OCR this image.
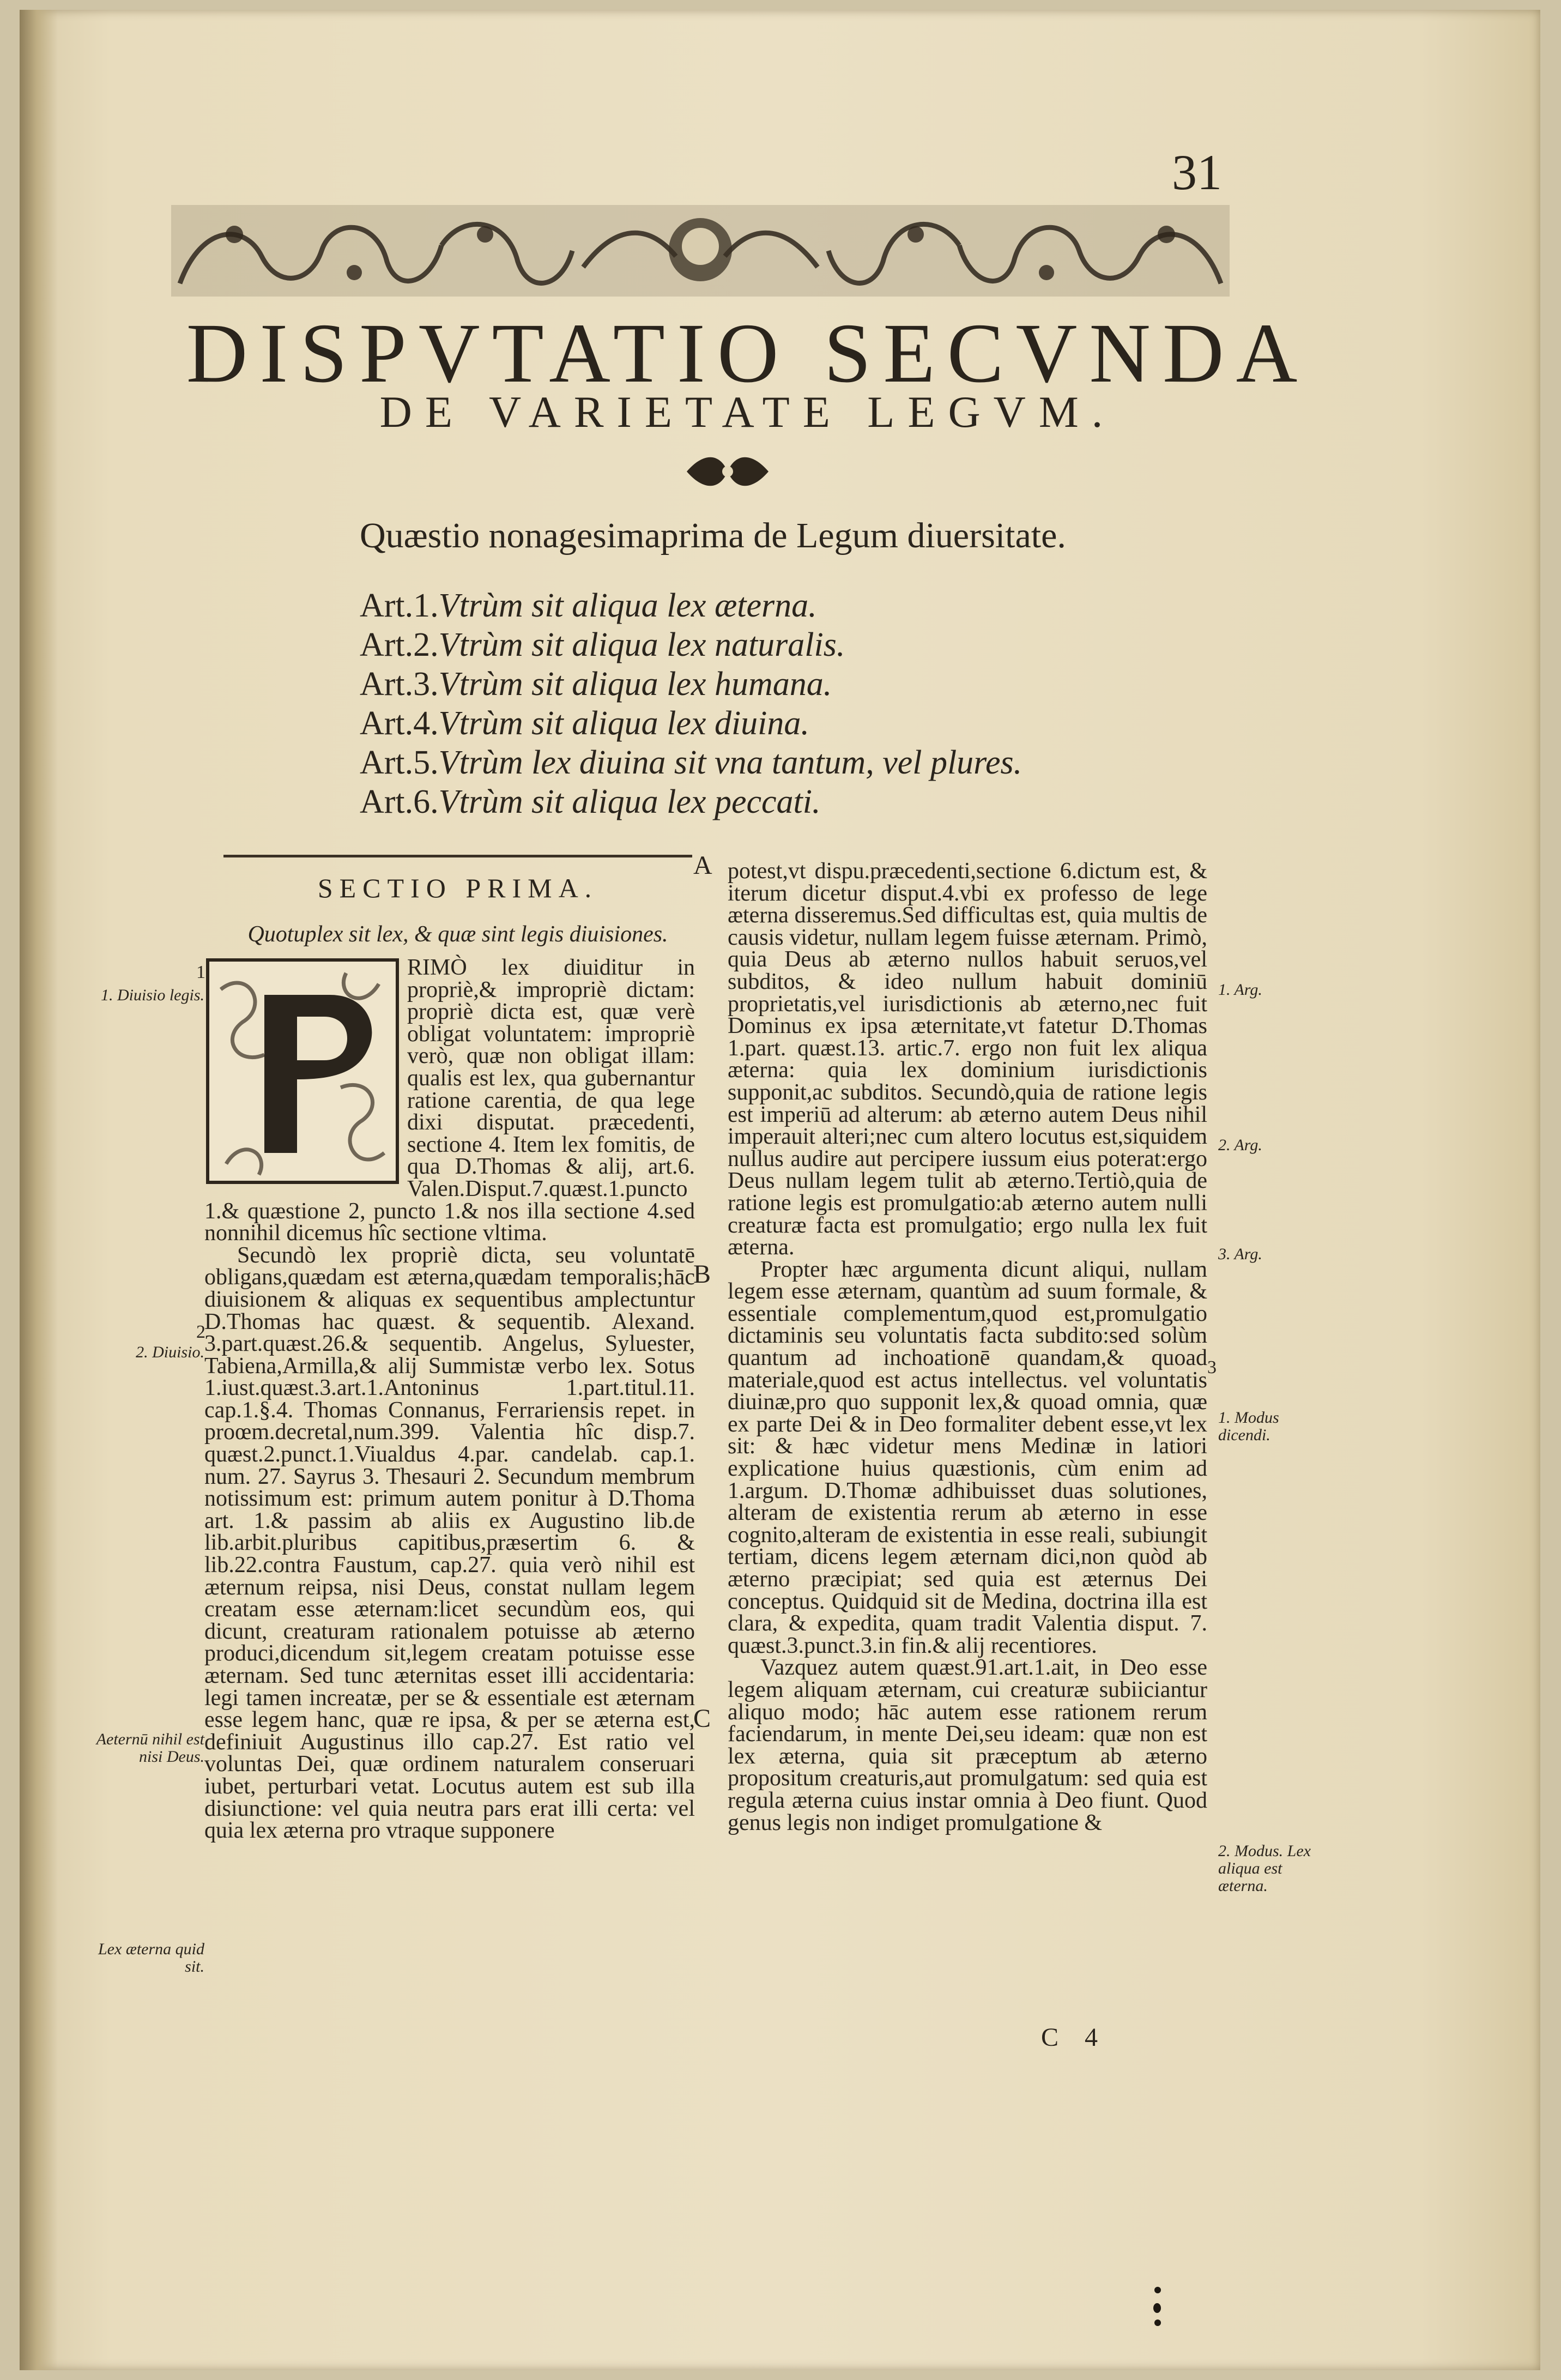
31
DISPVTATIO SECVNDA
DE VARIETATE LEGVM.
Quæstio nonagesimaprima de Legum diuersitate.
Art.1.Vtrùm sit aliqua lex æterna.
Art.2.Vtrùm sit aliqua lex naturalis.
Art.3.Vtrùm sit aliqua lex humana.
Art.4.Vtrùm sit aliqua lex diuina.
Art.5.Vtrùm lex diuina sit vna tantum, vel plures.
Art.6.Vtrùm sit aliqua lex peccati.
SECTIO PRIMA.
Quotuplex sit lex, & quæ sint legis diuisiones.

RIMÒ lex diuiditur in propriè,& impropriè dictam: propriè dicta est, quæ verè obligat voluntatem: impropriè verò, quæ non obligat illam: qualis est lex, qua gubernantur ratione carentia, de qua lege dixi disputat. præcedenti, sectione 4. Item lex fomitis, de qua D.Thomas & alij, art.6. Valen.Disput.7.quæst.1.puncto 1.& quæstione 2, puncto 1.& nos illa sectione 4.sed nonnihil dicemus hîc sectione vltima.

Secundò lex propriè dicta, seu voluntatē obligans,quædam est æterna,quædam temporalis;hāc diuisionem & aliquas ex sequentibus amplectuntur D.Thomas hac quæst. & sequentib. Alexand. 3.part.quæst.26.& sequentib. Angelus, Syluester, Tabiena,Armilla,& alij Summistæ verbo lex. Sotus 1.iust.quæst.3.art.1.Antoninus 1.part.titul.11. cap.1.§.4. Thomas Connanus, Ferrariensis repet. in proœm.decretal,num.399. Valentia hîc disp.7. quæst.2.punct.1.Viualdus 4.par. candelab. cap.1. num. 27. Sayrus 3. Thesauri 2. Secundum membrum notissimum est: primum autem ponitur à D.Thoma art. 1.& passim ab aliis ex Augustino lib.de lib.arbit.pluribus capitibus,præsertim 6. & lib.22.contra Faustum, cap.27. quia verò nihil est æternum reipsa, nisi Deus, constat nullam legem creatam esse æternam:licet secundùm eos, qui dicunt, creaturam rationalem potuisse ab æterno produci,dicendum sit,legem creatam potuisse esse æternam. Sed tunc æternitas esset illi accidentaria: legi tamen increatæ, per se & essentiale est æternam esse legem hanc, quæ re ipsa, & per se æterna est, definiuit Augustinus illo cap.27. Est ratio vel voluntas Dei, quæ ordinem naturalem conseruari iubet, perturbari vetat. Locutus autem est sub illa disiunctione: vel quia neutra pars erat illi certa: vel quia lex æterna pro vtraque supponere

potest,vt dispu.præcedenti,sectione 6.dictum est, & iterum dicetur disput.4.vbi ex professo de lege æterna disseremus.Sed difficultas est, quia multis de causis videtur, nullam legem fuisse æternam. Primò, quia Deus ab æterno nullos habuit seruos,vel subditos, & ideo nullum habuit dominiū proprietatis,vel iurisdictionis ab æterno,nec fuit Dominus ex ipsa æternitate,vt fatetur D.Thomas 1.part. quæst.13. artic.7. ergo non fuit lex aliqua æterna: quia lex dominium iurisdictionis supponit,ac subditos. Secundò,quia de ratione legis est imperiū ad alterum: ab æterno autem Deus nihil imperauit alteri;nec cum altero locutus est,siquidem nullus audire aut percipere iussum eius poterat:ergo Deus nullam legem tulit ab æterno.Tertiò,quia de ratione legis est promulgatio:ab æterno autem nulli creaturæ facta est promulgatio; ergo nulla lex fuit æterna.

Propter hæc argumenta dicunt aliqui, nullam legem esse æternam, quantùm ad suum formale, & essentiale complementum,quod est,promulgatio dictaminis seu voluntatis facta subdito:sed solùm quantum ad inchoationē quandam,& quoad materiale,quod est actus intellectus. vel voluntatis diuinæ,pro quo supponit lex,& quoad omnia, quæ ex parte Dei & in Deo formaliter debent esse,vt lex sit: & hæc videtur mens Medinæ in latiori explicatione huius quæstionis, cùm enim ad 1.argum. D.Thomæ adhibuisset duas solutiones, alteram de existentia rerum ab æterno in esse cognito,alteram de existentia in esse reali, subiungit tertiam, dicens legem æternam dici,non quòd ab æterno præcipiat; sed quia est æternus Dei conceptus. Quidquid sit de Medina, doctrina illa est clara, & expedita, quam tradit Valentia disput. 7. quæst.3.punct.3.in fin.& alij recentiores.

Vazquez autem quæst.91.art.1.ait, in Deo esse legem aliquam æternam, cui creaturæ subiiciantur aliquo modo; hāc autem esse rationem rerum faciendarum, in mente Dei,seu ideam: quæ non est lex æterna, quia sit præceptum ab æterno propositum creaturis,aut promulgatum: sed quia est regula æterna cuius instar omnia à Deo fiunt. Quod genus legis non indiget promulgatione &

1
1. Diuisio legis.
2
2. Diuisio.
Aeternū nihil est nisi Deus.
Lex æterna quid sit.
1. Arg.
2. Arg.
3. Arg.
3
1. Modus dicendi.
2. Modus. Lex aliqua est æterna.
A
B
C
C 4
